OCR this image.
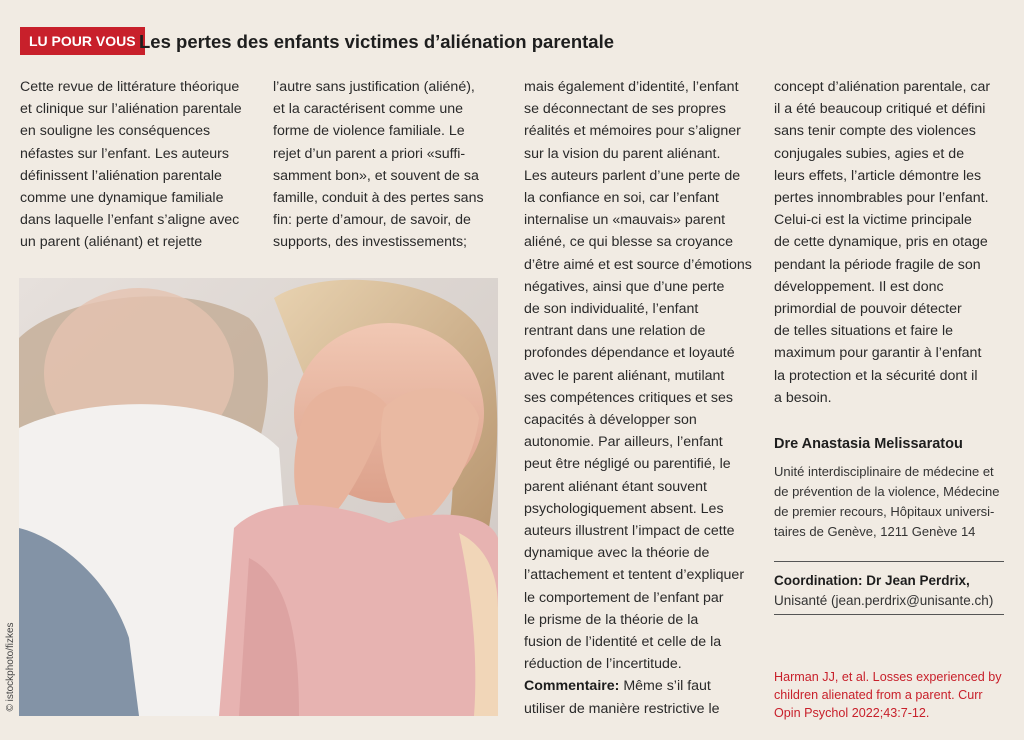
LU POUR VOUS Les pertes des enfants victimes d’aliénation parentale
Cette revue de littérature théorique
et clinique sur l’aliénation parentale
en souligne les conséquences
néfastes sur l’enfant. Les auteurs
définissent l’aliénation parentale
comme une dynamique familiale
dans laquelle l’enfant s’aligne avec
un parent (aliénant) et rejette
l’autre sans justification (aliéné),
et la caractérisent comme une
forme de violence familiale. Le
rejet d’un parent a priori «suffi-
samment bon», et souvent de sa
famille, conduit à des pertes sans
fin: perte d’amour, de savoir, de
supports, des investissements;
mais également d’identité, l’enfant
se déconnectant de ses propres
réalités et mémoires pour s’aligner
sur la vision du parent aliénant.
Les auteurs parlent d’une perte de
la confiance en soi, car l’enfant
internalise un «mauvais» parent
aliéné, ce qui blesse sa croyance
d’être aimé et est source d’émotions
négatives, ainsi que d’une perte
de son individualité, l’enfant
rentrant dans une relation de
profondes dépendance et loyauté
avec le parent aliénant, mutilant
ses compétences critiques et ses
capacités à développer son
autonomie. Par ailleurs, l’enfant
peut être négligé ou parentifié, le
parent aliénant étant souvent
psychologiquement absent. Les
auteurs illustrent l’impact de cette
dynamique avec la théorie de
l’attachement et tentent d’expliquer
le comportement de l’enfant par
le prisme de la théorie de la
fusion de l’identité et celle de la
réduction de l’incertitude.
Commentaire: Même s’il faut
utiliser de manière restrictive le
concept d’aliénation parentale, car
il a été beaucoup critiqué et défini
sans tenir compte des violences
conjugales subies, agies et de
leurs effets, l’article démontre les
pertes innombrables pour l’enfant.
Celui-ci est la victime principale
de cette dynamique, pris en otage
pendant la période fragile de son
développement. Il est donc
primordial de pouvoir détecter
de telles situations et faire le
maximum pour garantir à l’enfant
la protection et la sécurité dont il
a besoin.
© istockphoto/fizkes
Dre Anastasia Melissaratou
Unité interdisciplinaire de médecine et
de prévention de la violence, Médecine
de premier recours, Hôpitaux universi-
taires de Genève, 1211 Genève 14
Coordination: Dr Jean Perdrix,
Unisanté (jean.perdrix@unisante.ch)
Harman JJ, et al. Losses experienced by
children alienated from a parent. Curr
Opin Psychol 2022;43:7-12.
